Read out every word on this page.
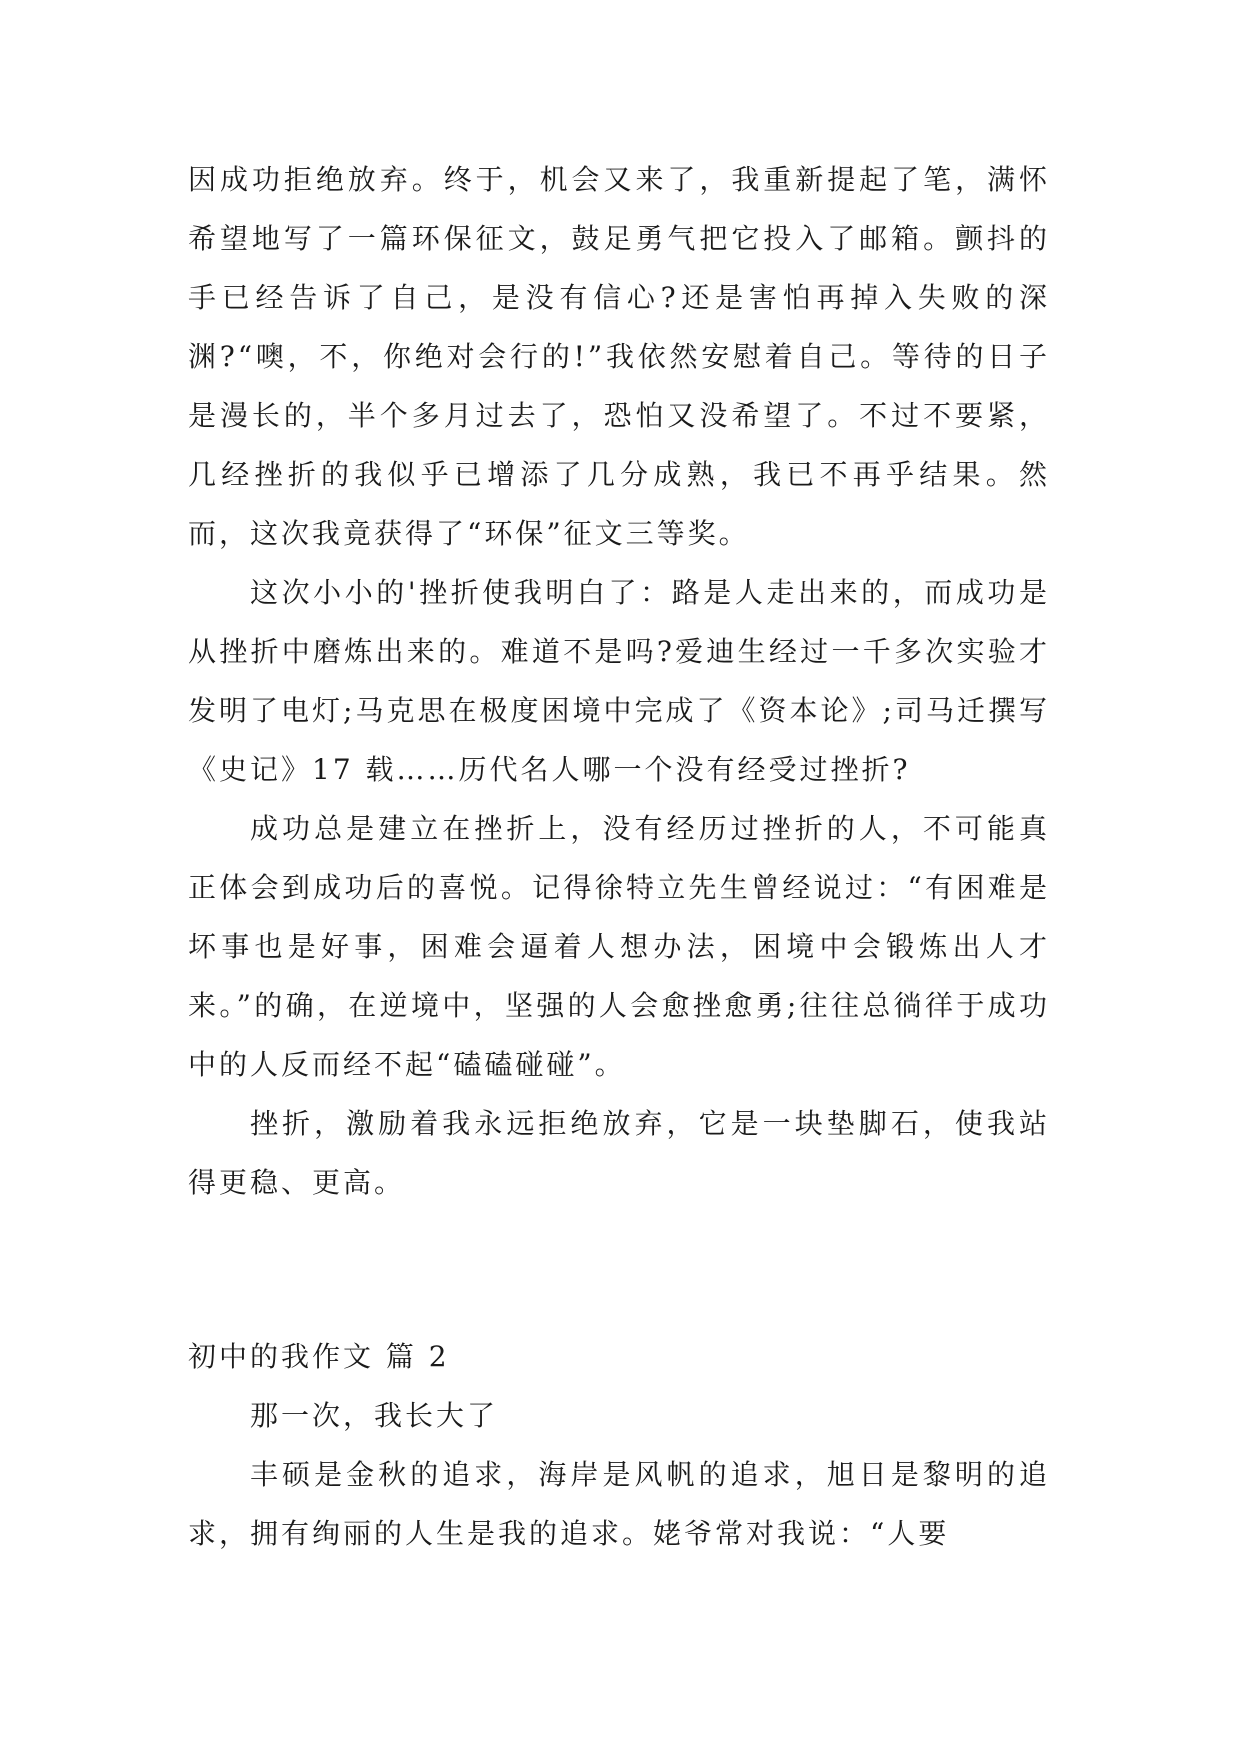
因成功拒绝放弃。终于，机会又来了，我重新提起了笔，满怀希望地写了一篇环保征文，鼓足勇气把它投入了邮箱。颤抖的手已经告诉了自己，是没有信心?还是害怕再掉入失败的深渊?“噢，不，你绝对会行的!”我依然安慰着自己。等待的日子是漫长的，半个多月过去了，恐怕又没希望了。不过不要紧，几经挫折的我似乎已增添了几分成熟，我已不再乎结果。然而，这次我竟获得了“环保”征文三等奖。

这次小小的'挫折使我明白了：路是人走出来的，而成功是从挫折中磨炼出来的。难道不是吗?爱迪生经过一千多次实验才发明了电灯;马克思在极度困境中完成了《资本论》;司马迁撰写《史记》17 载……历代名人哪一个没有经受过挫折?

成功总是建立在挫折上，没有经历过挫折的人，不可能真正体会到成功后的喜悦。记得徐特立先生曾经说过：“有困难是坏事也是好事，困难会逼着人想办法，困境中会锻炼出人才来。”的确，在逆境中，坚强的人会愈挫愈勇;往往总徜徉于成功中的人反而经不起“磕磕碰碰”。

挫折，激励着我永远拒绝放弃，它是一块垫脚石，使我站得更稳、更高。

初中的我作文 篇 2

那一次，我长大了

丰硕是金秋的追求，海岸是风帆的追求，旭日是黎明的追求，拥有绚丽的人生是我的追求。姥爷常对我说：“人要
